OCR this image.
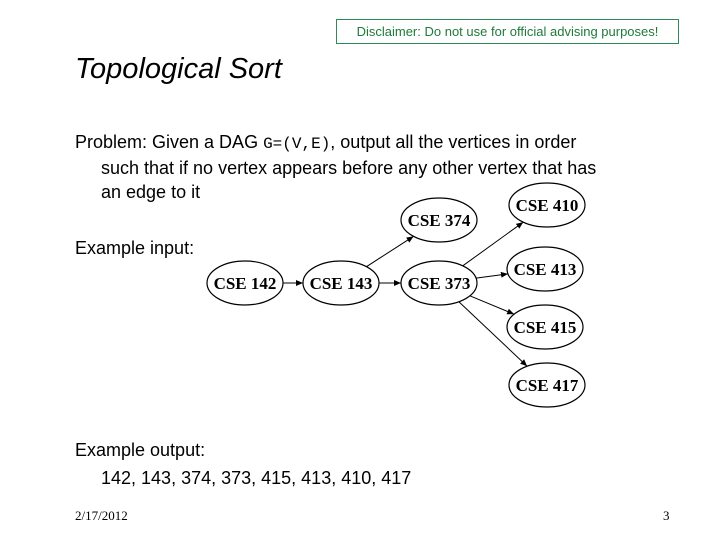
Disclaimer: Do not use for official advising purposes!
Topological Sort
Problem: Given a DAG G=(V,E), output all the vertices in order
such that if no vertex appears before any other vertex that has
an edge to it
Example input:
CSE 142 CSE 143 CSE 373
CSE 374
CSE 410
CSE 413
CSE 415
CSE 417
Example output:
142, 143, 374, 373, 415, 413, 410, 417
2/17/2012	3
